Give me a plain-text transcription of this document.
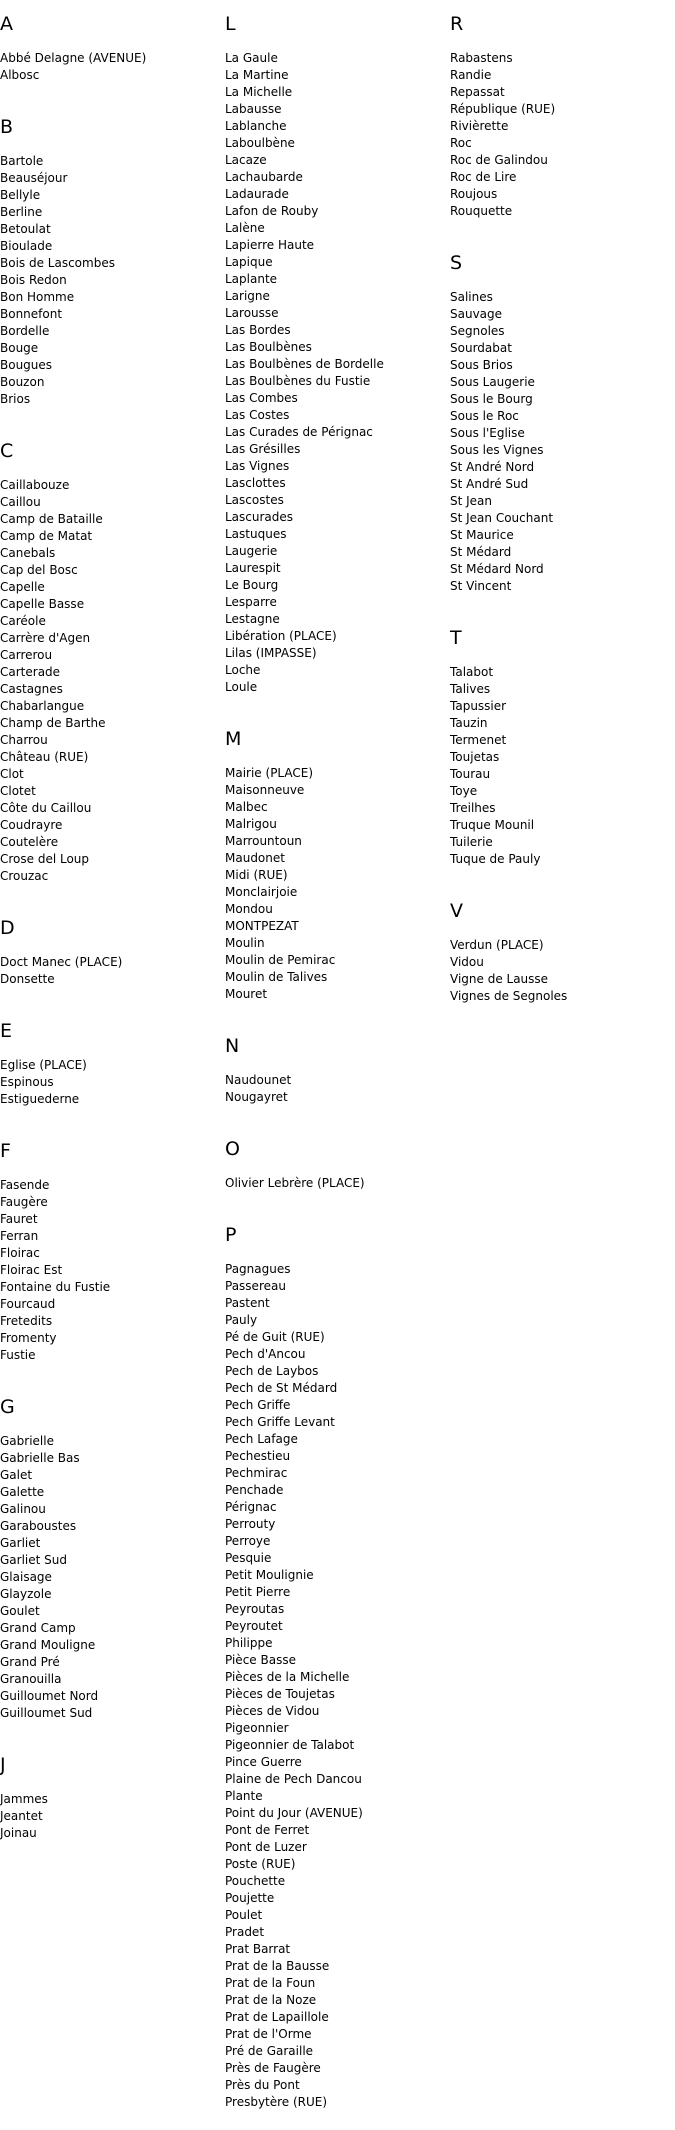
A
Abbé Delagne (AVENUE)
Albosc
B
Bartole
Beauséjour
Bellyle
Berline
Betoulat
Bioulade
Bois de Lascombes
Bois Redon
Bon Homme
Bonnefont
Bordelle
Bouge
Bougues
Bouzon
Brios
C
Caillabouze
Caillou
Camp de Bataille
Camp de Matat
Canebals
Cap del Bosc
Capelle
Capelle Basse
Caréole
Carrère d'Agen
Carrerou
Carterade
Castagnes
Chabarlangue
Champ de Barthe
Charrou
Château (RUE)
Clot
Clotet
Côte du Caillou
Coudrayre
Coutelère
Crose del Loup
Crouzac
D
Doct Manec (PLACE)
Donsette
E
Eglise (PLACE)
Espinous
Estiguederne
F
Fasende
Faugère
Fauret
Ferran
Floirac
Floirac Est
Fontaine du Fustie
Fourcaud
Fretedits
Fromenty
Fustie
G
Gabrielle
Gabrielle Bas
Galet
Galette
Galinou
Garaboustes
Garliet
Garliet Sud
Glaisage
Glayzole
Goulet
Grand Camp
Grand Mouligne
Grand Pré
Granouilla
Guilloumet Nord
Guilloumet Sud
J
Jammes
Jeantet
Joinau
L
La Gaule
La Martine
La Michelle
Labausse
Lablanche
Laboulbène
Lacaze
Lachaubarde
Ladaurade
Lafon de Rouby
Lalène
Lapierre Haute
Lapique
Laplante
Larigne
Larousse
Las Bordes
Las Boulbènes
Las Boulbènes de Bordelle
Las Boulbènes du Fustie
Las Combes
Las Costes
Las Curades de Pérignac
Las Grésilles
Las Vignes
Lasclottes
Lascostes
Lascurades
Lastuques
Laugerie
Laurespit
Le Bourg
Lesparre
Lestagne
Libération (PLACE)
Lilas (IMPASSE)
Loche
Loule
M
Mairie (PLACE)
Maisonneuve
Malbec
Malrigou
Marrountoun
Maudonet
Midi (RUE)
Monclairjoie
Mondou
MONTPEZAT
Moulin
Moulin de Pemirac
Moulin de Talives
Mouret
N
Naudounet
Nougayret
O
Olivier Lebrère (PLACE)
P
Pagnagues
Passereau
Pastent
Pauly
Pé de Guit (RUE)
Pech d'Ancou
Pech de Laybos
Pech de St Médard
Pech Griffe
Pech Griffe Levant
Pech Lafage
Pechestieu
Pechmirac
Penchade
Pérignac
Perrouty
Perroye
Pesquie
Petit Moulignie
Petit Pierre
Peyroutas
Peyroutet
Philippe
Pièce Basse
Pièces de la Michelle
Pièces de Toujetas
Pièces de Vidou
Pigeonnier
Pigeonnier de Talabot
Pince Guerre
Plaine de Pech Dancou
Plante
Point du Jour (AVENUE)
Pont de Ferret
Pont de Luzer
Poste (RUE)
Pouchette
Poujette
Poulet
Pradet
Prat Barrat
Prat de la Bausse
Prat de la Foun
Prat de la Noze
Prat de Lapaillole
Prat de l'Orme
Pré de Garaille
Près de Faugère
Près du Pont
Presbytère (RUE)
R
Rabastens
Randie
Repassat
République (RUE)
Rivièrette
Roc
Roc de Galindou
Roc de Lire
Roujous
Rouquette
S
Salines
Sauvage
Segnoles
Sourdabat
Sous Brios
Sous Laugerie
Sous le Bourg
Sous le Roc
Sous l'Eglise
Sous les Vignes
St André Nord
St André Sud
St Jean
St Jean Couchant
St Maurice
St Médard
St Médard Nord
St Vincent
T
Talabot
Talives
Tapussier
Tauzin
Termenet
Toujetas
Tourau
Toye
Treilhes
Truque Mounil
Tuilerie
Tuque de Pauly
V
Verdun (PLACE)
Vidou
Vigne de Lausse
Vignes de Segnoles
